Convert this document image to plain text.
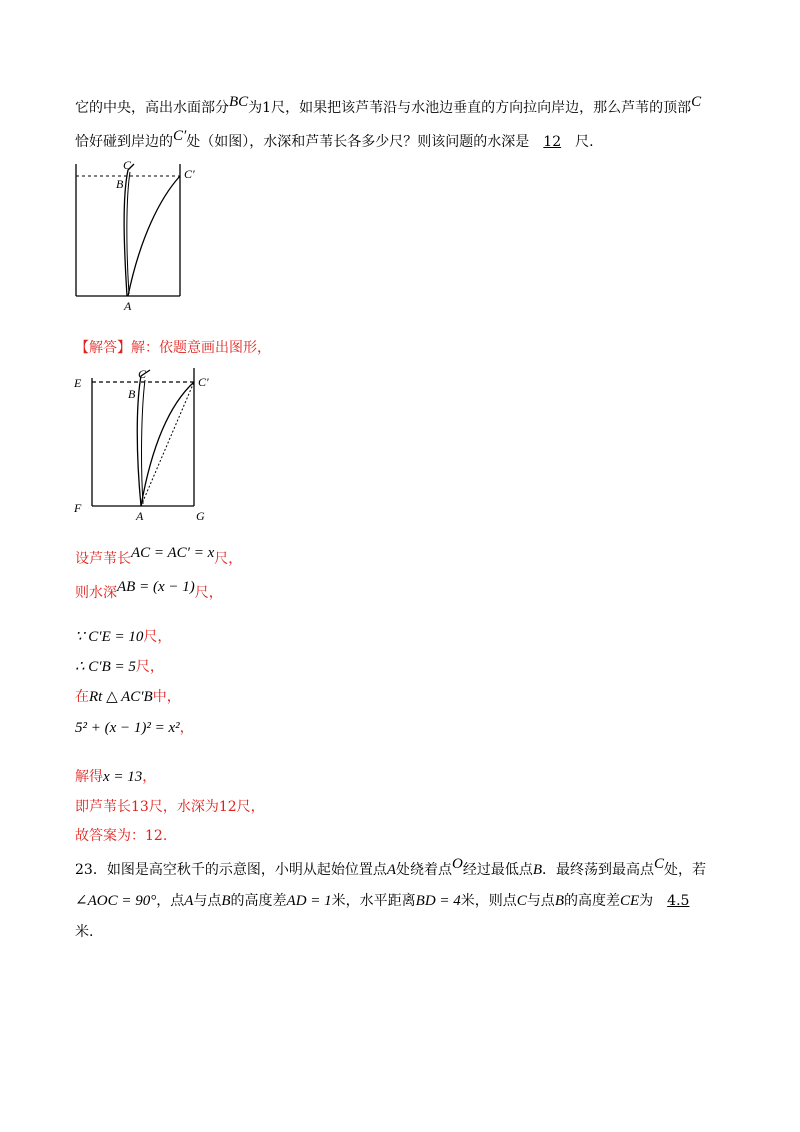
它的中央，高出水面部分BC为1尺，如果把该芦苇沿与水池边垂直的方向拉向岸边，那么芦苇的顶部C
恰好碰到岸边的C′处（如图），水深和芦苇长各多少尺？则该问题的水深是 12 尺.
C
B
C′
A
【解答】解：依题意画出图形，
E
C
B
C′
F
A	G
设芦苇长AC = AC′ = x尺，
则水深AB = (x − 1)尺，
∵ C′E = 10尺，
∴ C′B = 5尺，
在Rt △ AC′B中，
5² + (x − 1)² = x²，
解得x = 13，
即芦苇长13尺，水深为12尺，
故答案为：12.
23．如图是高空秋千的示意图，小明从起始位置点A处绕着点O经过最低点B．最终荡到最高点C处，若
∠AOC = 90°，点A与点B的高度差AD = 1米，水平距离BD = 4米，则点C与点B的高度差CE为 4.5
米.
